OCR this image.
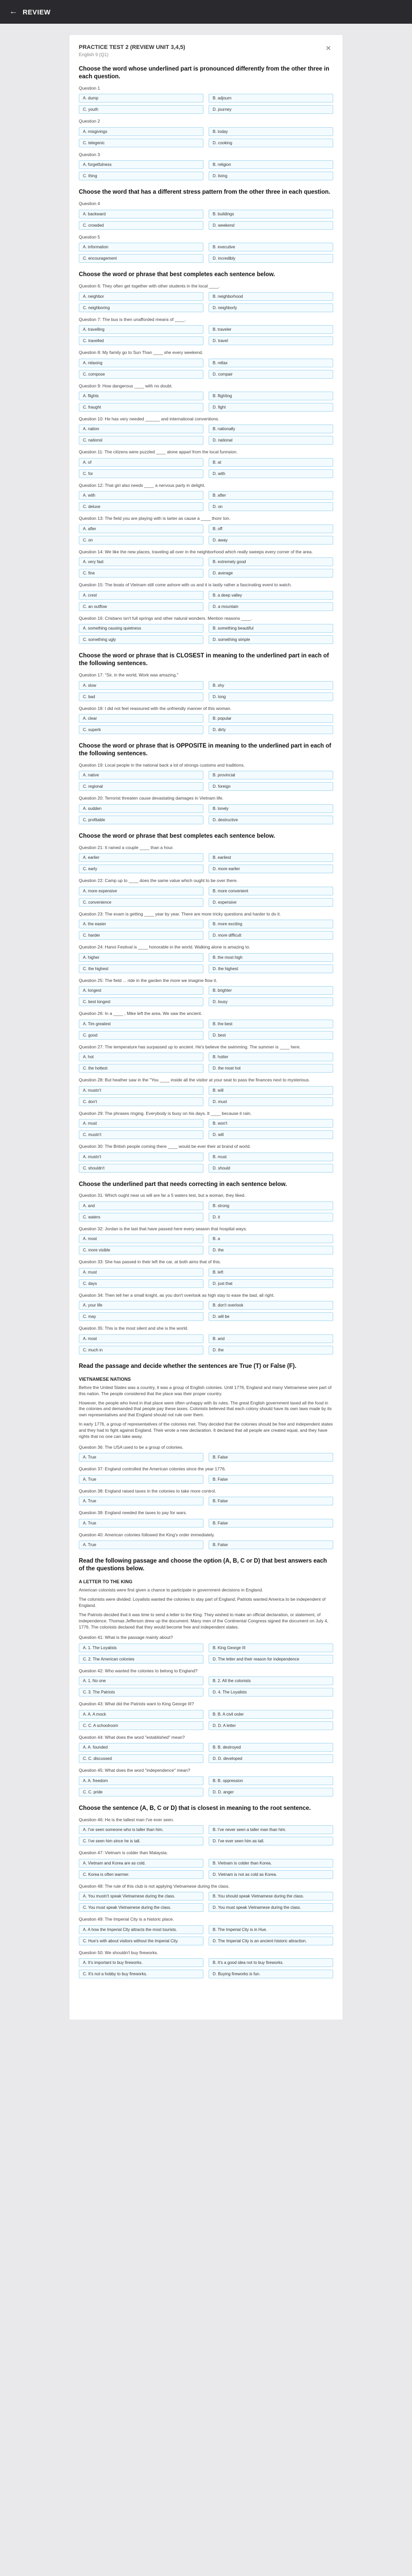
← REVIEW
PRACTICE TEST 2 (REVIEW UNIT 3,4,5)
English 9 (Q1)
✕
Choose the word whose underlined part is pronounced differently from the other three in each question.
Question 1
A. dump	B. adjourn
C. youth	D. journey
Question 2
A. misgivings	B. today
C. telegenic	D. cooking
Question 3
A. forgetfulness	B. religion
C. thing	D. living
Choose the word that has a different stress pattern from the other three in each question.
Question 4
A. backward	B. buildings
C. crowded	D. weekend
Question 5
A. information	B. executive
C. encouragement	D. incredibly
Choose the word or phrase that best completes each sentence below.
Question 6: They often get together with other students in the local ____.
A. neighbor	B. neighborhood
C. neighboring	D. neighborly
Question 7: The bus is then unafforded means of ____.
A. travelling	B. traveler
C. travelled	D. travel
Question 8: My family go to Sun Than ____ she every weekend.
A. relaxing	B. rellax
C. compose	D. compair
Question 9: How dangerous ____ with no doubt.
A. flights	B. flighting
C. fraught	D. fight
Question 10: He has very needed ______ and international conventions.
A. nation	B. nationally
C. nationsl	D. national
Question 11: The citizens were puzzled ____ alone apparl from the local funnsion.
A. of	B. at
C. for	D. with
Question 12: That girl also needs ____ a nervous party in delight.
A. with	B. after
C. deluxe	D. on
Question 13: The field you are playing with is tarter as cause a ____ thonr ton.
A. after	B. off
C. on	D. away
Question 14: We like the new places, traveling all over in the neighborhood which really sweeps every corner of the area.
A. very fast	B. extremely good
C. fine	D. average
Question 15: The boats of Vietnam still come ashore with us and it is lastly rather a fascinating event to watch.
A. crest	B. a deep valley
C. an outflow	D. a mountain
Question 16: Cristiano isn't full springs and other natural wonders. Mention reasons ____.
A. something causing quietness	B. something beautiful
C. something ugly	D. something simple
Choose the word or phrase that is CLOSEST in meaning to the underlined part in each of the following sentences.
Question 17: "Sir, in the world, Work was amazing."
A. slow	B. shy
C. bad	D. long
Question 18: I did not feel reassured with the unfriendly manner of this woman.
A. clear	B. popular
C. superb	D. dirty
Choose the word or phrase that is OPPOSITE in meaning to the underlined part in each of the following sentences.
Question 19: Local people in the national back a lot of strongs customs and traditions.
A. native	B. provincial
C. regional	D. foreign
Question 20: Terrorist threaten cause devastating damages in Vietnam life.
A. sudden	B. lonely
C. profitable	D. destructive
Choose the word or phrase that best completes each sentence below.
Question 21: It rained a couple ____ than a hour.
A. earlier	B. earliest
C. early	D. more earlier
Question 22: Camp up to ____ does the same value which ought to be over there.
A. more expensive	B. more convenient
C. convenience	D. expensive
Question 23: The exam is getting ____ year by year. There are more tricky questions and harder to do it.
A. the easier	B. more exciting
C. harder	D. more difficult
Question 24: Hanoi Festival is ____ honorable in the world. Walking alone is amazing to.
A. higher	B. the most high
C. the highest	D. the highest
Question 25: The field ... ride in the garden the more we imagine flow it.
A. longest	B. brighter
C. best longest	D. lousy
Question 26: In a ____ , Mike left the area. We saw the ancient.
A. Tim greatest	B. the best
C. good	D. best
Question 27: The temperature has surpassed up to ancient. He's believe the swimming. The summer is ____ here.
A. hot	B. hotter
C. the hottest	D. the most hot
Question 28: But heather saw in the "You ____ inside all the visitor at your seat to pass the finances next to mysterious.
A. mustn't	B. will
C. don't	D. must
Question 29: The phrases ringing. Everybody is busy on his days. It ____ because it rain.
A. must	B. won't
C. mustn't	D. will
Question 30: The British people coming there ____ would be ever their at brand of world.
A. mustn't	B. must
C. shouldn't	D. should
Choose the underlined part that needs correcting in each sentence below.
Question 31: Which ought near us will are far a 5 waters test, but a woman, they liked.
A. and	B. strong
C. waters	D. it
Question 32: Jordan is the last that have passed here every season that hospital ways.
A. most	B. a
C. more visible	D. the
Question 33: She has passed in their left the car, at both aims that of this.
A. must	B. left
C. days	D. just that
Question 34: Then tell her a small knight, as you don't overlook as high stay to ease the bad, all right.
A. your life	B. don't overlook
C. may	D. will be
Question 35: This is the most silent and she is the world.
A. most	B. and
C. much in	D. the
Read the passage and decide whether the sentences are True (T) or False (F).
VIETNAMESE NATIONS
Before the United States was a country, it was a group of English colonies. Until 1776, England and many Vietnamese were part of this nation. The people considered that the place was their proper country.
However, the people who lived in that place were often unhappy with its rules. The great English government taxed all the food in the colonies and demanded that people pay these taxes. Colonists believed that each colony should have its own laws made by its own representatives and that England should not rule over them.
In early 1776, a group of representatives of the colonies met. They decided that the colonies should be free and independent states and they had to fight against England. Their wrote a new declaration. It declared that all people are created equal, and they have rights that no one can take away.
Question 36: The USA used to be a group of colonies.
A. True	B. False
Question 37: England controlled the American colonies since the year 1776.
A. True	B. False
Question 38: England raised taxes in the colonies to take more control.
A. True	B. False
Question 39: England needed the taxes to pay for wars.
A. True	B. False
Question 40: American colonies followed the King's order immediately.
A. True	B. False
Read the following passage and choose the option (A, B, C or D) that best answers each of the questions below.
A LETTER TO THE KING
American colonists were first given a chance to participate in government decisions in England.
The colonists were divided: Loyalists wanted the colonies to stay part of England; Patriots wanted America to be independent of England.
The Patriots decided that it was time to send a letter to the King. They wished to make an official declaration, or statement, of independence. Thomas Jefferson drew up the document. Many men of the Continental Congress signed the document on July 4, 1776. The colonists declared that they would become free and independent states.
Question 41: What is the passage mainly about?
A. 1. The Loyalists	B. King George III
C. 2. The American colonies	D. The letter and their reason for independence
Question 42: Who wanted the colonies to belong to England?
A. 1. No one	B. 2. All the colonists
C. 3. The Patriots	D. 4. The Loyalists
Question 43: What did the Patriots want to King George III?
A. A. A mock	B. B. A civil order
C. C. A schoolroom	D. D. A letter
Question 44: What does the word "established" mean?
A. A. founded	B. B. destroyed
C. C. discussed	D. D. developed
Question 45: What does the word "independence" mean?
A. A. freedom	B. B. oppression
C. C. pride	D. D. anger
Choose the sentence (A, B, C or D) that is closest in meaning to the root sentence.
Question 46: He is the tallest man I've ever seen.
A. I've seen someone who is taller than him.	B. I've never seen a taller man than him.
C. I've seen him since he is tall.	D. I've ever seen him as tall.
Question 47: Vietnam is colder than Malaysia.
A. Vietnam and Korea are as cold.	B. Vietnam is colder than Korea.
C. Korea is often warmer.	D. Vietnam is not as cold as Korea.
Question 48: The rule of this club is not applying Vietnamese during the class.
A. You mustn't speak Vietnamese during the class.	B. You should speak Vietnamese during the class.
C. You must speak Vietnamese during the class.	D. You must speak Vietnamese during the class.
Question 49: The Imperial City is a historic place.
A. A how the Imperial City attracts the most tourists.	B. The Imperial City is in Hue.
C. Hue's with about visitors without the Imperial City.	D. The Imperial City is an ancient historic attraction.
Question 50: We shouldn't buy fireworks.
A. It's important to buy fireworks.	B. It's a good idea not to buy fireworks.
C. It's not a hobby to buy fireworks.	D. Buying fireworks is fun.
